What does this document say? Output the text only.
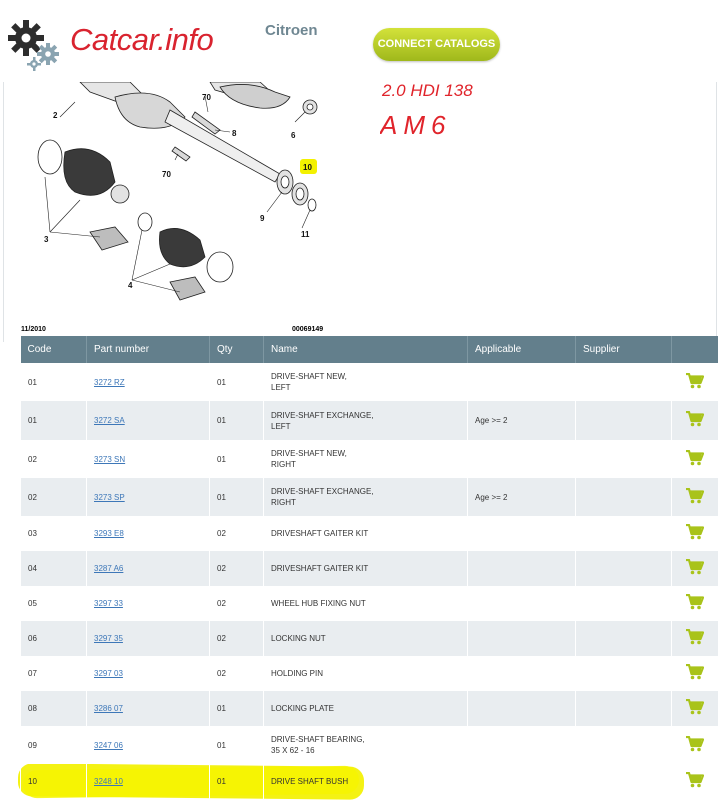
Catcar.info	Citroen
CONNECT CATALOGS
2.0 HDI 138
AM6
2
70
8	6
70
10
9
11
3
4
11/2010	00069149
Code	Part number	Qty	Name	Applicable	Supplier	
01	3272 RZ	01	DRIVE-SHAFT NEW,
LEFT			
01	3272 SA	01	DRIVE-SHAFT EXCHANGE,
LEFT	Age >= 2		
02	3273 SN	01	DRIVE-SHAFT NEW,
RIGHT			
02	3273 SP	01	DRIVE-SHAFT EXCHANGE,
RIGHT	Age >= 2		
03	3293 E8	02	DRIVESHAFT GAITER KIT

04	3287 A6	02	DRIVESHAFT GAITER KIT

05	3297 33	02	WHEEL HUB FIXING NUT

06	3297 35	02	LOCKING NUT

07	3297 03	02	HOLDING PIN

08	3286 07	01	LOCKING PLATE

09	3247 06	01	DRIVE-SHAFT BEARING,
35 X 62 - 16			
10	3248 10	01	DRIVE SHAFT BUSH
